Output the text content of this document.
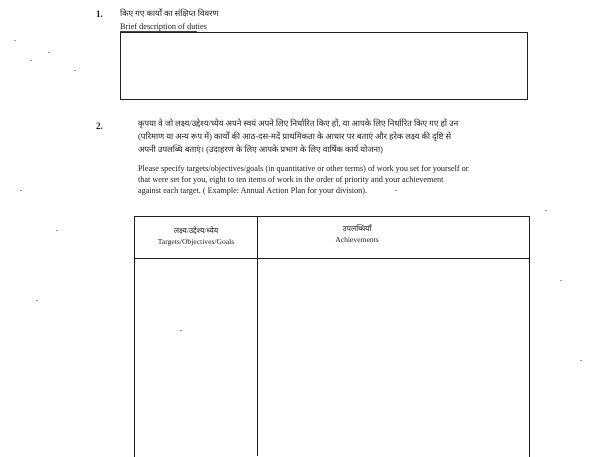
1. किए गए कार्यों का संक्षिप्त विवरण
Brief description of duties
2.	कृपया वे जो लक्ष्य/उद्देश्य/ध्येय अपने स्वयं अपने लिए निर्धारित किए हों, या आपके लिए निर्धारित किए गए हों उन
(परिमाण या अन्य रूप में) कार्यों की आठ-दस-मदें प्राथमिकता के आधार पर बताएं और हरेक लक्ष्य की दृष्टि से
अपनी उपलब्धि बताएं। (उदाहरण के लिए आपके प्रभाग के लिए वार्षिक कार्य योजना)
Please specify targets/objectives/goals (in quantitative or other terms) of work you set for yourself or
that were set for you, eight to ten items of work in the order of priority and your achievement
against each target. ( Example: Annual Action Plan for your division).
लक्ष्य/उद्देश्य/ध्येय
Targets/Objectives/Goals
उपलब्धियाँ
Achievements
